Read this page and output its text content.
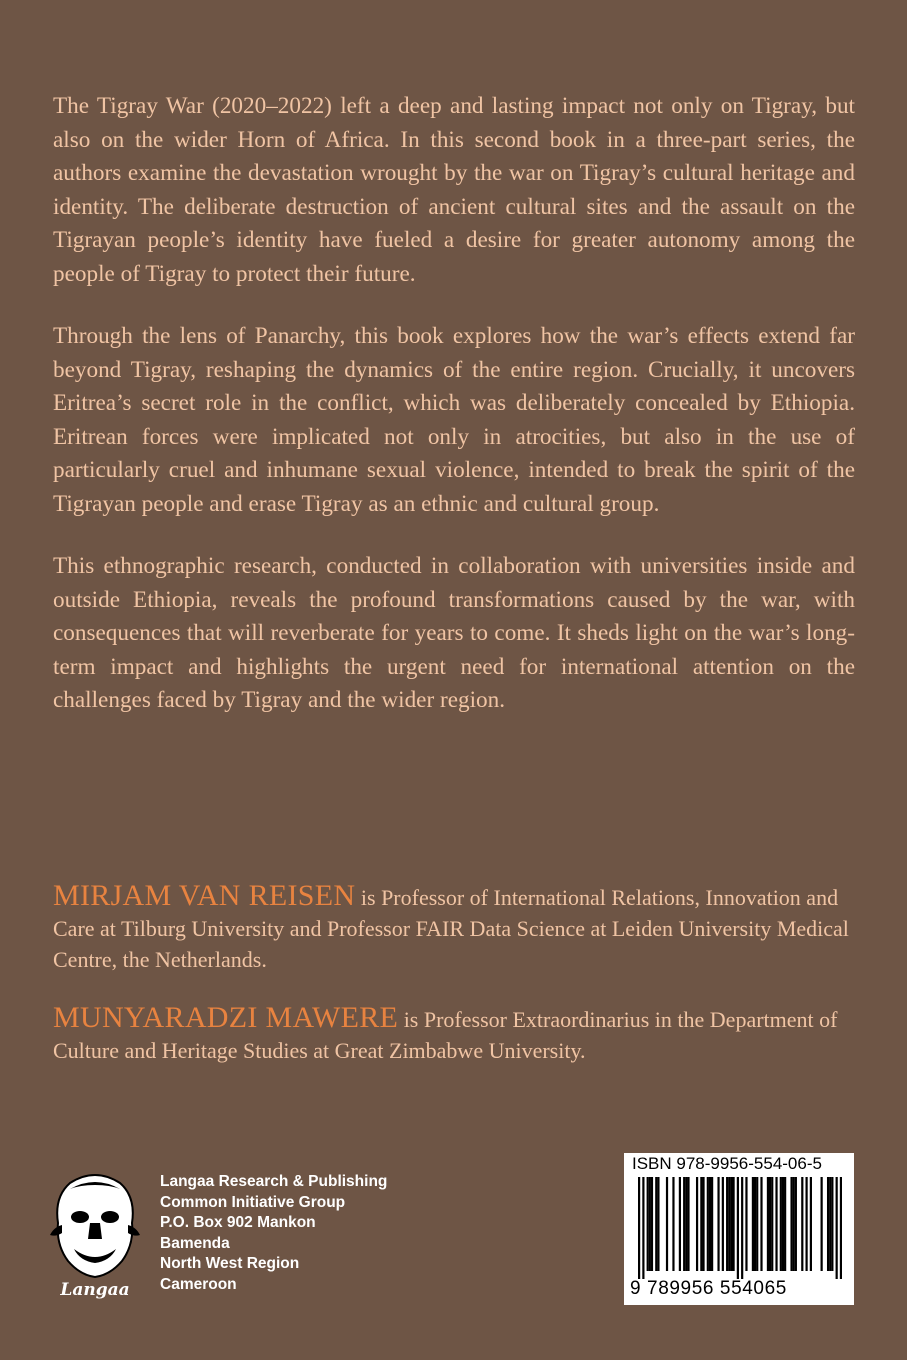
The Tigray War (2020–2022) left a deep and lasting impact not only on Tigray, but also on the wider Horn of Africa. In this second book in a three-part series, the authors examine the devastation wrought by the war on Tigray’s cultural heritage and identity. The deliberate destruction of ancient cultural sites and the assault on the Tigrayan people’s identity have fueled a desire for greater autonomy among the people of Tigray to protect their future.

Through the lens of Panarchy, this book explores how the war’s effects extend far beyond Tigray, reshaping the dynamics of the entire region. Crucially, it uncovers Eritrea’s secret role in the conflict, which was deliberately concealed by Ethiopia. Eritrean forces were implicated not only in atrocities, but also in the use of particularly cruel and inhumane sexual violence, intended to break the spirit of the Tigrayan people and erase Tigray as an ethnic and cultural group.

This ethnographic research, conducted in collaboration with universities inside and outside Ethiopia, reveals the profound transformations caused by the war, with consequences that will reverberate for years to come. It sheds light on the war’s long- term impact and highlights the urgent need for international attention on the challenges faced by Tigray and the wider region.

MIRJAM VAN REISEN is Professor of International Relations, Innovation and Care at Tilburg University and Professor FAIR Data Science at Leiden University Medical Centre, the Netherlands.

MUNYARADZI MAWERE is Professor Extraordinarius in the Department of Culture and Heritage Studies at Great Zimbabwe University.

Langaa
Langaa Research & Publishing
Common Initiative Group
P.O. Box 902 Mankon
Bamenda
North West Region
Cameroon
ISBN 978-9956-554-06-5
9 789956 554065
